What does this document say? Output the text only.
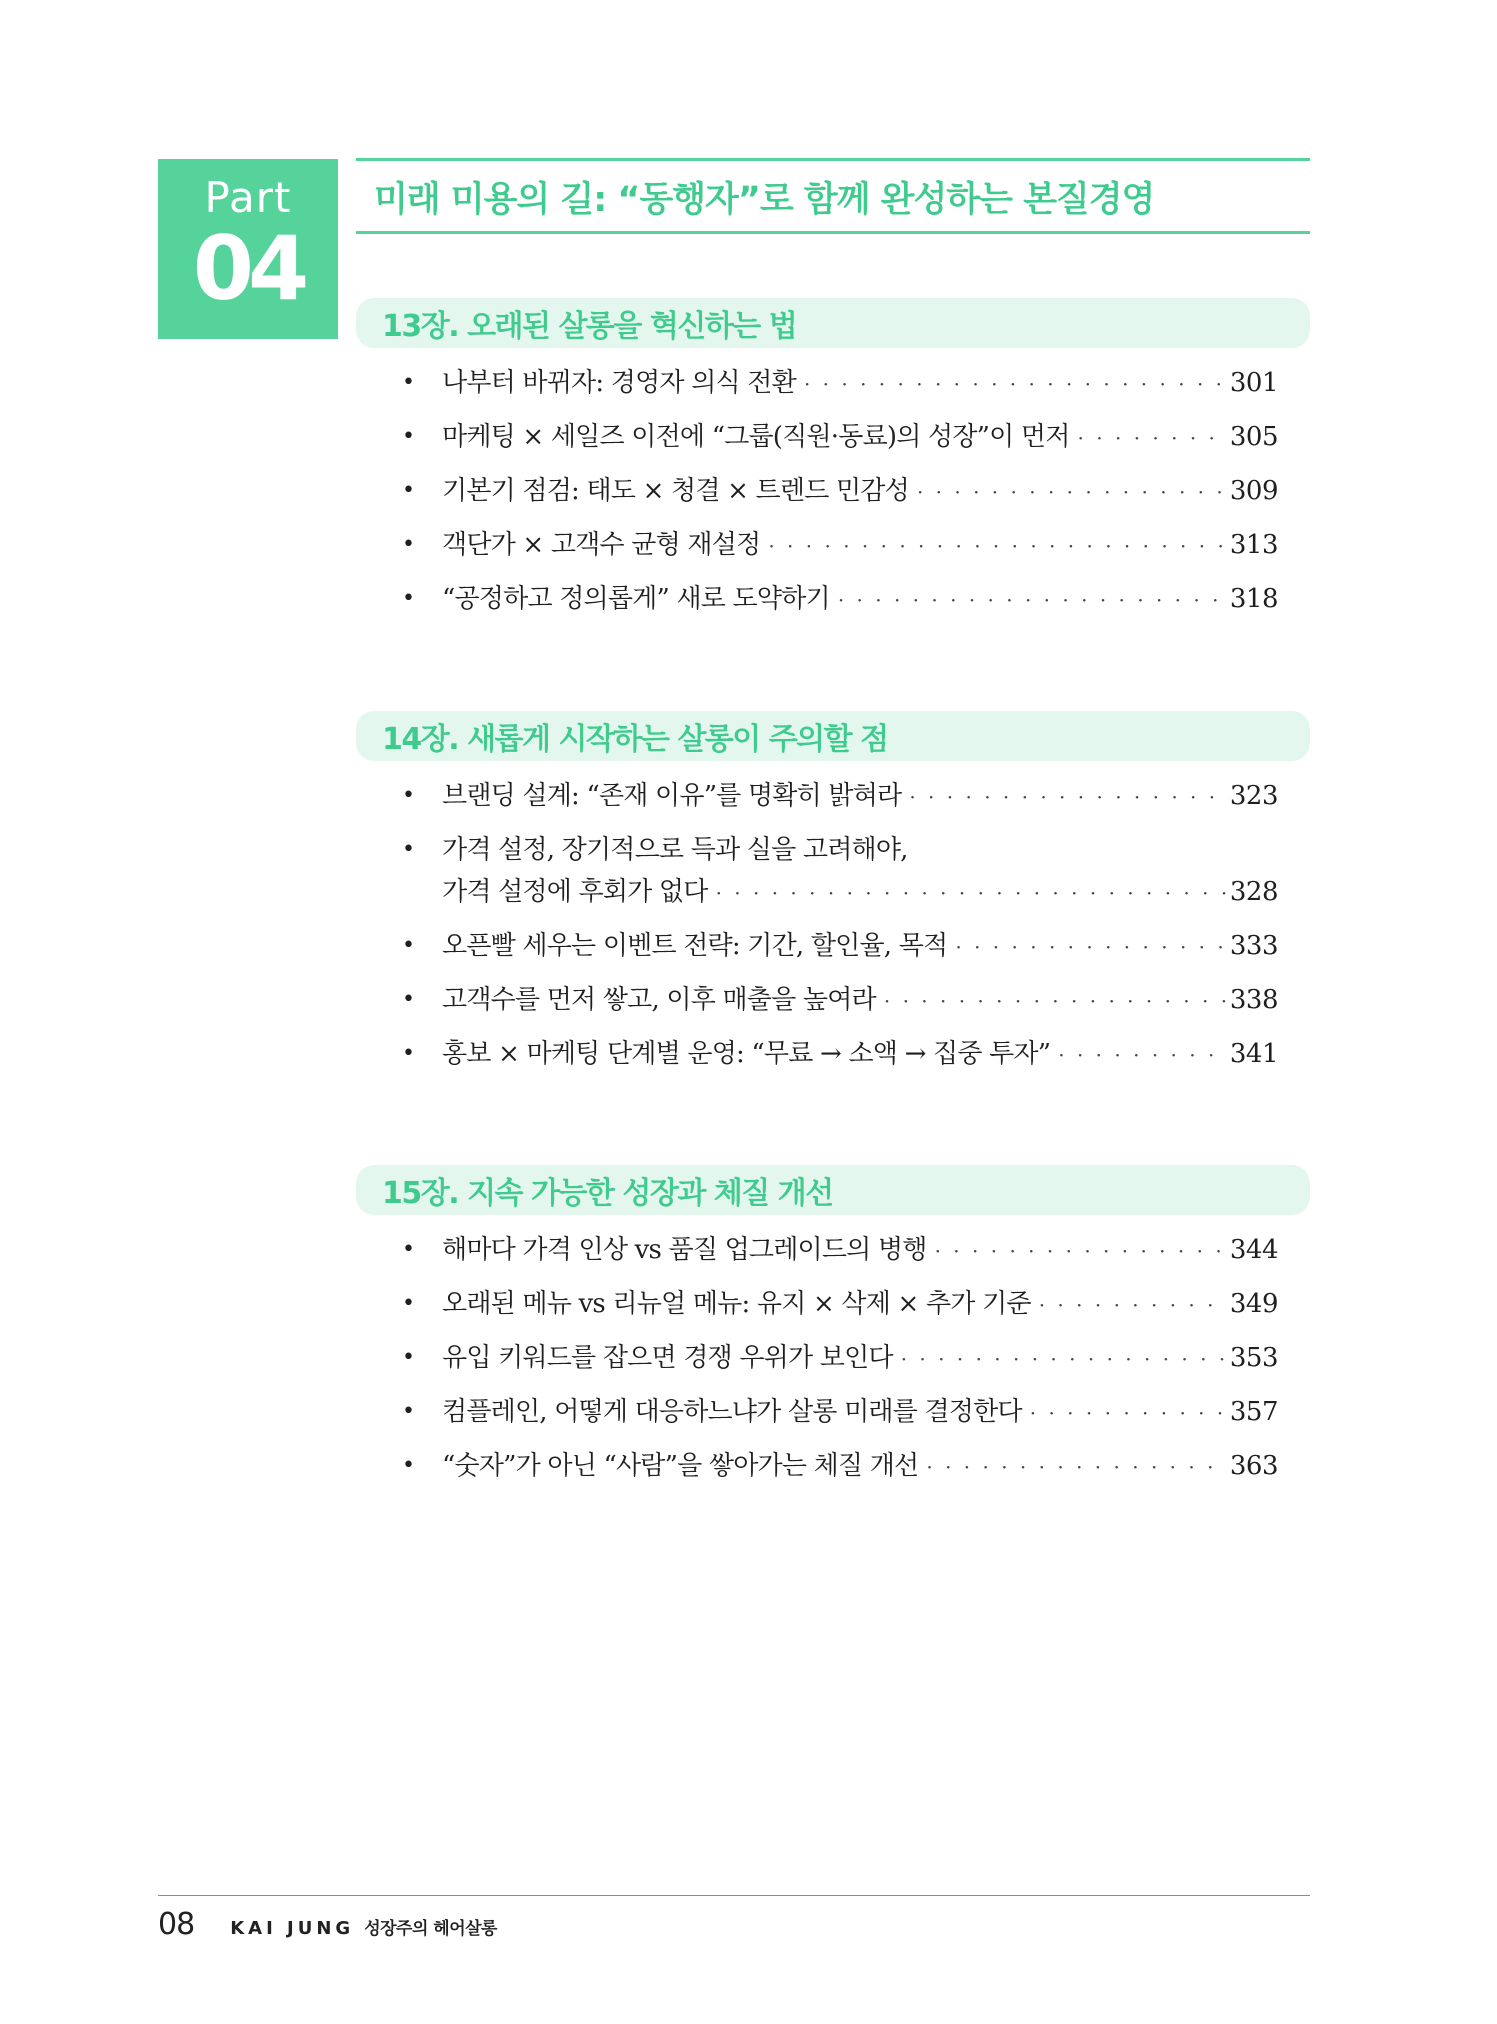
Part
04
미래 미용의 길: “동행자”로 함께 완성하는 본질경영
13장. 오래된 살롱을 혁신하는 법
• 나부터 바뀌자: 경영자 의식 전환 · · ·	301
• 마케팅 × 세일즈 이전에 “그룹(직원·동료)의 성장”이 먼저 · · ·	305
• 기본기 점검: 태도 × 청결 × 트렌드 민감성 · · ·	309
• 객단가 × 고객수 균형 재설정 · · ·	313
• “공정하고 정의롭게” 새로 도약하기 · · ·	318
14장. 새롭게 시작하는 살롱이 주의할 점
• 브랜딩 설계: “존재 이유”를 명확히 밝혀라 · · ·	323
• 가격 설정, 장기적으로 득과 실을 고려해야,
가격 설정에 후회가 없다 · · ·	328
• 오픈빨 세우는 이벤트 전략: 기간, 할인율, 목적 · · ·	333
• 고객수를 먼저 쌓고, 이후 매출을 높여라 · · ·	338
• 홍보 × 마케팅 단계별 운영: “무료 → 소액 → 집중 투자” · · ·	341
15장. 지속 가능한 성장과 체질 개선
• 해마다 가격 인상 vs 품질 업그레이드의 병행 · · ·	344
• 오래된 메뉴 vs 리뉴얼 메뉴: 유지 × 삭제 × 추가 기준 · · ·	349
• 유입 키워드를 잡으면 경쟁 우위가 보인다 · · ·	353
• 컴플레인, 어떻게 대응하느냐가 살롱 미래를 결정한다 · · ·	357
• “숫자”가 아닌 “사람”을 쌓아가는 체질 개선 · · ·	363
08 KAI JUNG 성장주의 헤어살롱
